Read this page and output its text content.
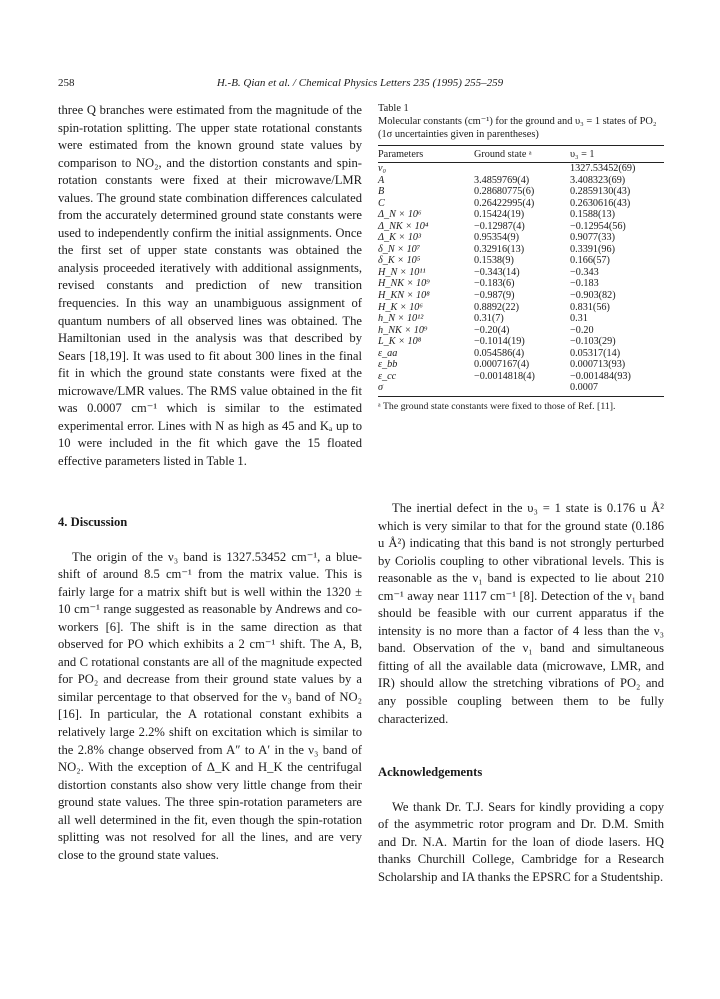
258	H.-B. Qian et al. / Chemical Physics Letters 235 (1995) 255–259

three Q branches were estimated from the magnitude of the spin-rotation splitting. The upper state rotational constants were estimated from the known ground state values by comparison to NO₂, and the distortion constants and spin-rotation constants were fixed at their microwave/LMR values. The ground state combination differences calculated from the accurately determined ground state constants were used to independently confirm the initial assignments. Once the first set of upper state constants was obtained the analysis proceeded iteratively with additional assignments, revised constants and prediction of new transition frequencies. In this way an unambiguous assignment of quantum numbers of all observed lines was obtained. The Hamiltonian used in the analysis was that described by Sears [18,19]. It was used to fit about 300 lines in the final fit in which the ground state constants were fixed at the microwave/LMR values. The RMS value obtained in the fit was 0.0007 cm⁻¹ which is similar to the estimated experimental error. Lines with N as high as 45 and Kₐ up to 10 were included in the fit which gave the 15 floated effective parameters listed in Table 1.

4. Discussion

The origin of the ν₃ band is 1327.53452 cm⁻¹, a blue-shift of around 8.5 cm⁻¹ from the matrix value. This is fairly large for a matrix shift but is well within the 1320 ± 10 cm⁻¹ range suggested as reasonable by Andrews and co-workers [6]. The shift is in the same direction as that observed for PO which exhibits a 2 cm⁻¹ shift. The A, B, and C rotational constants are all of the magnitude expected for PO₂ and decrease from their ground state values by a similar percentage to that observed for the ν₃ band of NO₂ [16]. In particular, the A rotational constant exhibits a relatively large 2.2% shift on excitation which is similar to the 2.8% change observed from A″ to A′ in the ν₃ band of NO₂. With the exception of Δ_K and H_K the centrifugal distortion constants also show very little change from their ground state values. The three spin-rotation parameters are all well determined in the fit, even though the spin-rotation splitting was not resolved for all the lines, and are very close to the ground state values.

Table 1
Molecular constants (cm⁻¹) for the ground and υ₃ = 1 states of PO₂ (1σ uncertainties given in parentheses)
Parameters	Ground state ᵃ	υ₃ = 1
ν₀		1327.53452(69)
A	3.4859769(4)	3.408323(69)
B	0.28680775(6)	0.2859130(43)
C	0.26422995(4)	0.2630616(43)
Δ_N × 10⁶	0.15424(19)	0.1588(13)
Δ_NK × 10⁴	−0.12987(4)	−0.12954(56)
Δ_K × 10³	0.95354(9)	0.9077(33)
δ_N × 10⁷	0.32916(13)	0.3391(96)
δ_K × 10⁵	0.1538(9)	0.166(57)
H_N × 10¹¹	−0.343(14)	−0.343
H_NK × 10⁹	−0.183(6)	−0.183
H_KN × 10⁸	−0.987(9)	−0.903(82)
H_K × 10⁶	0.8892(22)	0.831(56)
h_N × 10¹²	0.31(7)	0.31
h_NK × 10⁹	−0.20(4)	−0.20
L_K × 10⁸	−0.1014(19)	−0.103(29)
ε_aa	0.054586(4)	0.05317(14)
ε_bb	0.0007167(4)	0.000713(93)
ε_cc	−0.0014818(4)	−0.001484(93)
σ		0.0007
ᵃ The ground state constants were fixed to those of Ref. [11].

The inertial defect in the υ₃ = 1 state is 0.176 u Å² which is very similar to that for the ground state (0.186 u Å²) indicating that this band is not strongly perturbed by Coriolis coupling to other vibrational levels. This is reasonable as the ν₁ band is expected to lie about 210 cm⁻¹ away near 1117 cm⁻¹ [8]. Detection of the ν₁ band should be feasible with our current apparatus if the intensity is no more than a factor of 4 less than the ν₃ band. Observation of the ν₁ band and simultaneous fitting of all the available data (microwave, LMR, and IR) should allow the stretching vibrations of PO₂ and any possible coupling between them to be fully characterized.

Acknowledgements

We thank Dr. T.J. Sears for kindly providing a copy of the asymmetric rotor program and Dr. D.M. Smith and Dr. N.A. Martin for the loan of diode lasers. HQ thanks Churchill College, Cambridge for a Research Scholarship and IA thanks the EPSRC for a Studentship.
